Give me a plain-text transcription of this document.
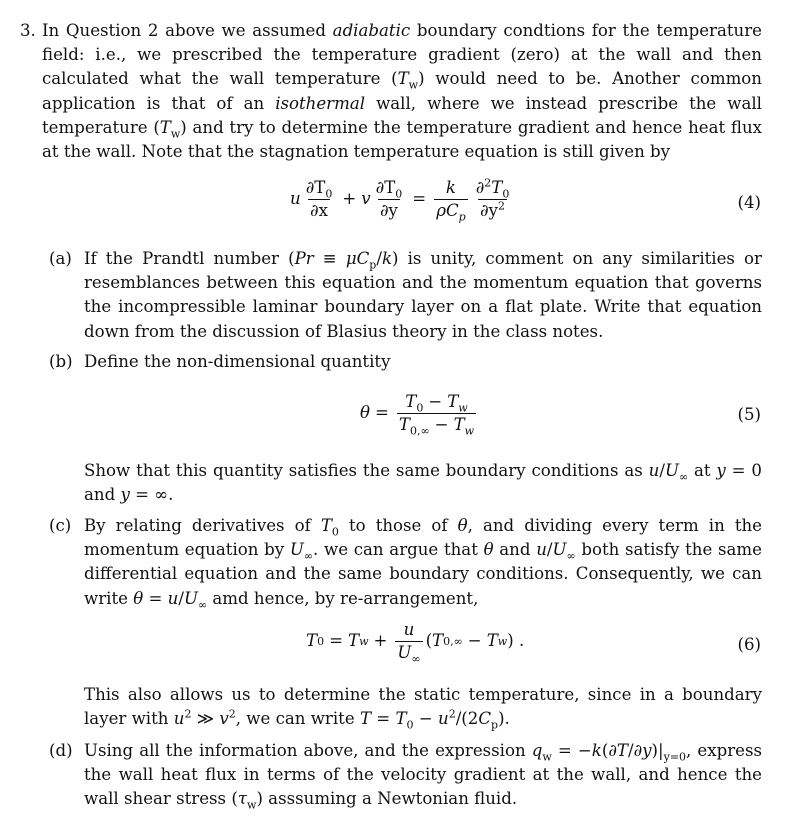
3. In Question 2 above we assumed adiabatic boundary condtions for the temperature field: i.e., we prescribed the temperature gradient (zero) at the wall and then calculated what the wall temperature $(T_w)$ would need to be. Another common application is that of an isothermal wall, where we instead prescribe the wall temperature $(T_w)$ and try to determine the temperature gradient and hence heat flux at the wall. Note that the stagnation temperature equation is still given by
u $\frac{\partial T_0}{\partial x} + v \frac{\partial T_0}{\partial y} = \frac{k}{\rho C_p} \frac{\partial^2T_0}{\partial y^2}$	(4)
(a) If the Prandtl number $(Pr \equiv \mu C_p/k)$ is unity, comment on any similarities or resemblances between this equation and the momentum equation that governs the incompressible laminar boundary layer on a flat plate. Write that equation down from the discussion of Blasius theory in the class notes.
(b) Define the non-dimensional quantity
$\theta = \frac{T_0 - T_w}{T_{0,\infty} - T_w}$	(5)
Show that this quantity satisfies the same boundary conditions as $u/U_\infty$ at y = 0 and y = ∞.
(c) By relating derivatives of $T_0$ to those of θ, and dividing every term in the momentum equation by $U_\infty$. we can argue that θ and $u/U_\infty$ both satisfy the same differential equation and the same boundary conditions. Consequently, we can write $\theta = u/U_\infty$ amd hence, by re-arrangement,
T 0 = T $w + \frac{u}{U_\infty}$ ( T 0,∞ − T w ) .	(6)
This also allows us to determine the static temperature, since in a boundary layer with $u^2$ ≫ $v^2$, we can write $T = T_0 - u^2/(2C_p)$.
(d) Using all the information above, and the expression $q_w = -k(\partial T/\partial y)|_{y=0}$, express the wall heat flux in terms of the velocity gradient at the wall, and hence the wall shear stress $(\tau_w)$ asssuming a Newtonian fluid.
